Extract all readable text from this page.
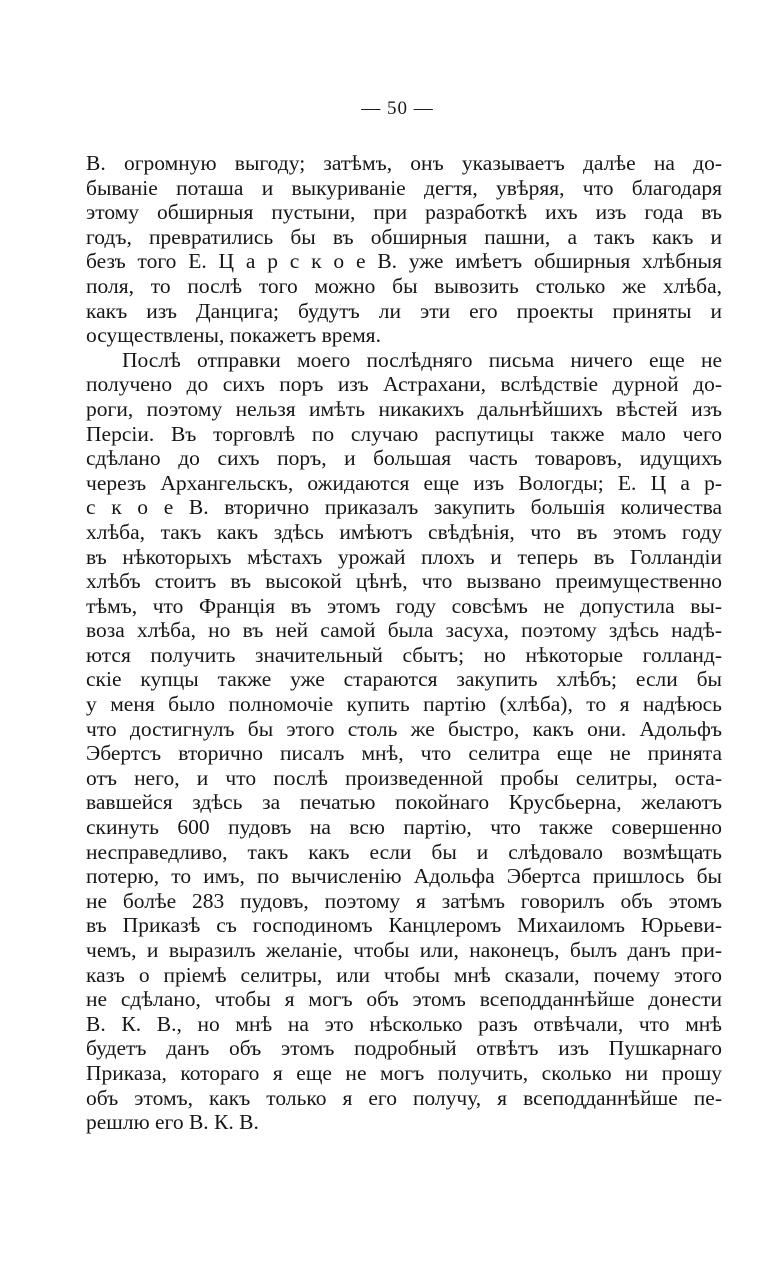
— 50 —
В. огромную выгоду; затѣмъ, онъ указываетъ далѣе на до-
бываніе поташа и выкуриваніе дегтя, увѣряя, что благодаря
этому обширныя пустыни, при разработкѣ ихъ изъ года въ
годъ, превратились бы въ обширныя пашни, а такъ какъ и
безъ того Е. Ц а р с к о е В. уже имѣетъ обширныя хлѣбныя
поля, то послѣ того можно бы вывозить столько же хлѣба,
какъ изъ Данцига; будутъ ли эти его проекты приняты и
осуществлены, покажетъ время.
Послѣ отправки моего послѣдняго письма ничего еще не
получено до сихъ поръ изъ Астрахани, вслѣдствіе дурной до-
роги, поэтому нельзя имѣть никакихъ дальнѣйшихъ вѣстей изъ
Персіи. Въ торговлѣ по случаю распутицы также мало чего
сдѣлано до сихъ поръ, и большая часть товаровъ, идущихъ
черезъ Архангельскъ, ожидаются еще изъ Вологды; Е. Ц а р-
с к о е В. вторично приказалъ закупить большія количества
хлѣба, такъ какъ здѣсь имѣютъ свѣдѣнія, что въ этомъ году
въ нѣкоторыхъ мѣстахъ урожай плохъ и теперь въ Голландіи
хлѣбъ стоитъ въ высокой цѣнѣ, что вызвано преимущественно
тѣмъ, что Франція въ этомъ году совсѣмъ не допустила вы-
воза хлѣба, но въ ней самой была засуха, поэтому здѣсь надѣ-
ются получить значительный сбытъ; но нѣкоторые голланд-
скіе купцы также уже стараются закупить хлѣбъ; если бы
у меня было полномочіе купить партію (хлѣба), то я надѣюсь
что достигнулъ бы этого столь же быстро, какъ они. Адольфъ
Эбертсъ вторично писалъ мнѣ, что селитра еще не принята
отъ него, и что послѣ произведенной пробы селитры, оста-
вавшейся здѣсь за печатью покойнаго Крусбьерна, желаютъ
скинуть 600 пудовъ на всю партію, что также совершенно
несправедливо, такъ какъ если бы и слѣдовало возмѣщать
потерю, то имъ, по вычисленію Адольфа Эбертса пришлось бы
не болѣе 283 пудовъ, поэтому я затѣмъ говорилъ объ этомъ
въ Приказѣ съ господиномъ Канцлеромъ Михаиломъ Юрьеви-
чемъ, и выразилъ желаніе, чтобы или, наконецъ, былъ данъ при-
казъ о пріемѣ селитры, или чтобы мнѣ сказали, почему этого
не сдѣлано, чтобы я могъ объ этомъ всеподданнѣйше донести
В. К. В., но мнѣ на это нѣсколько разъ отвѣчали, что мнѣ
будетъ данъ объ этомъ подробный отвѣтъ изъ Пушкарнаго
Приказа, котораго я еще не могъ получить, сколько ни прошу
объ этомъ, какъ только я его получу, я всеподданнѣйше пе-
решлю его В. К. В.
